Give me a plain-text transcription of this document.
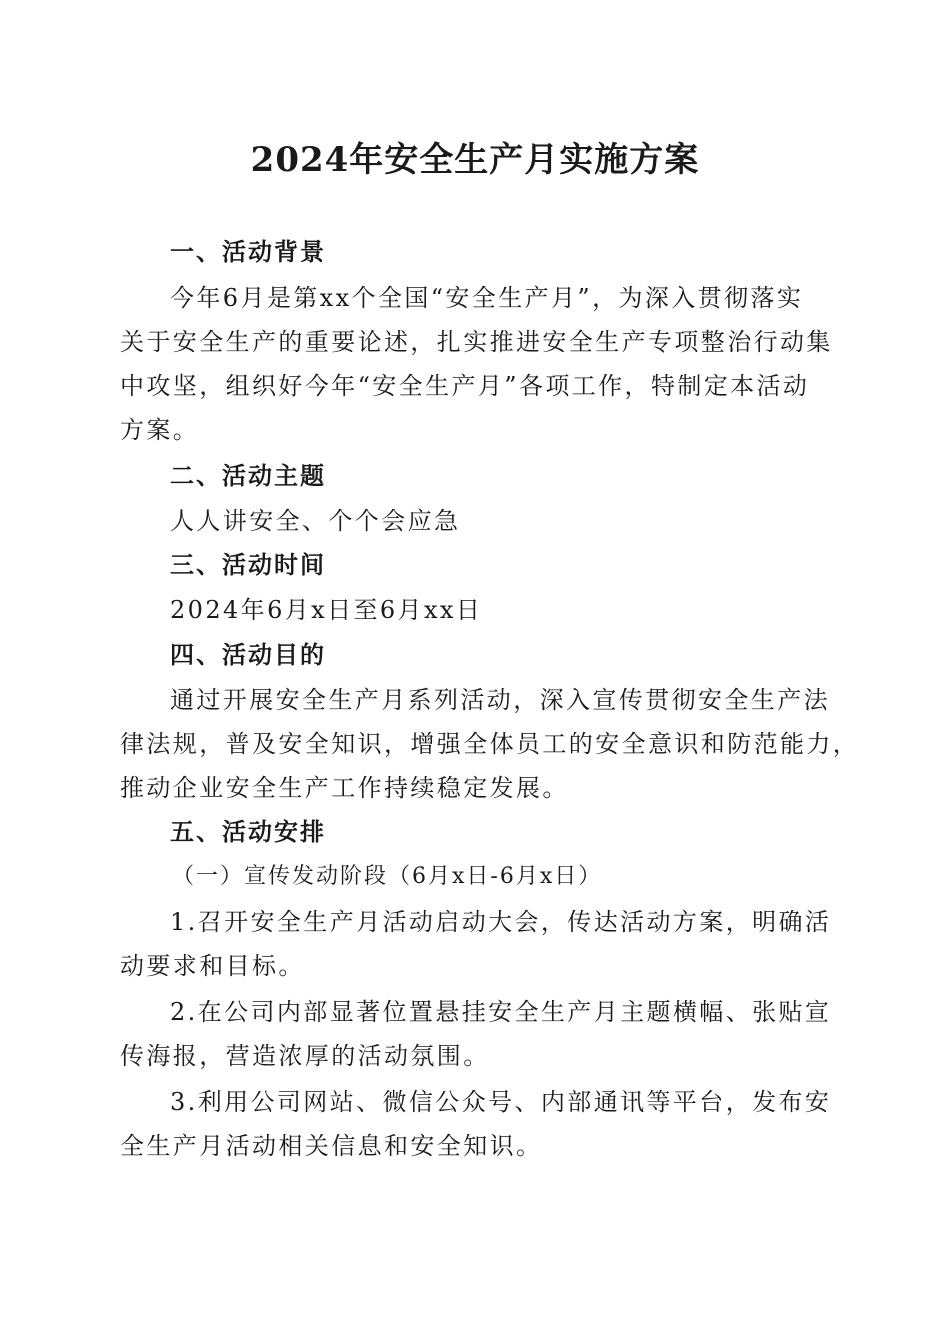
2024年安全生产月实施方案
一、活动背景
今年6月是第xx个全国“安全生产月”，为深入贯彻落实
关于安全生产的重要论述，扎实推进安全生产专项整治行动集
中攻坚，组织好今年“安全生产月”各项工作，特制定本活动
方案。
二、活动主题
人人讲安全、个个会应急
三、活动时间
2024年6月x日至6月xx日
四、活动目的
通过开展安全生产月系列活动，深入宣传贯彻安全生产法
律法规，普及安全知识，增强全体员工的安全意识和防范能力，
推动企业安全生产工作持续稳定发展。
五、活动安排
（一）宣传发动阶段（6月x日-6月x日）
1.召开安全生产月活动启动大会，传达活动方案，明确活
动要求和目标。
2.在公司内部显著位置悬挂安全生产月主题横幅、张贴宣
传海报，营造浓厚的活动氛围。
3.利用公司网站、微信公众号、内部通讯等平台，发布安
全生产月活动相关信息和安全知识。
